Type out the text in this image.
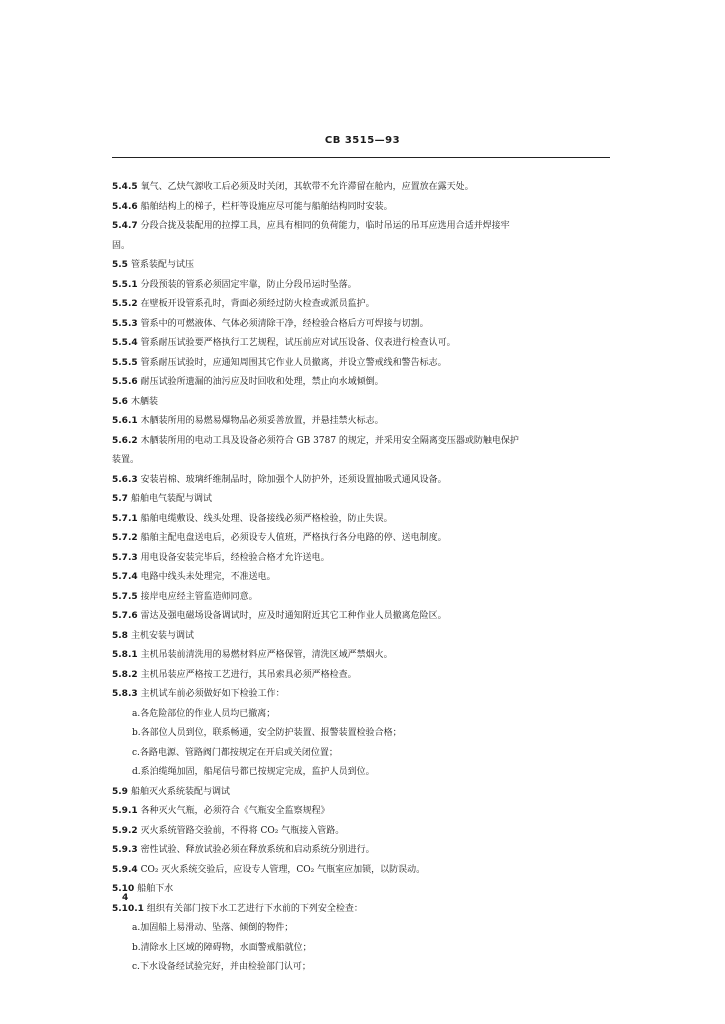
CB 3515—93
5.4.5 氧气、乙炔气源收工后必须及时关闭，其软带不允许滞留在舱内，应置放在露天处。
5.4.6 船舶结构上的梯子，栏杆等设施应尽可能与船舶结构同时安装。
5.4.7 分段合拢及装配用的拉撑工具，应具有相同的负荷能力，临时吊运的吊耳应选用合适并焊接牢
固。
5.5 管系装配与试压
5.5.1 分段预装的管系必须固定牢靠，防止分段吊运时坠落。
5.5.2 在壁板开设管系孔时，背面必须经过防火检查或派员监护。
5.5.3 管系中的可燃液体、气体必须清除干净，经检验合格后方可焊接与切割。
5.5.4 管系耐压试验要严格执行工艺规程，试压前应对试压设备、仪表进行检查认可。
5.5.5 管系耐压试验时，应通知周围其它作业人员撤离，并设立警戒线和警告标志。
5.5.6 耐压试验所遗漏的油污应及时回收和处理，禁止向水域倾倒。
5.6 木舾装
5.6.1 木舾装所用的易燃易爆物品必须妥善放置，并悬挂禁火标志。
5.6.2 木舾装所用的电动工具及设备必须符合 GB 3787 的规定，并采用安全隔离变压器或防触电保护
装置。
5.6.3 安装岩棉、玻璃纤维制品时，除加强个人防护外，还须设置抽吸式通风设备。
5.7 船舶电气装配与调试
5.7.1 船舶电缆敷设、线头处理、设备接线必须严格检验，防止失误。
5.7.2 船舶主配电盘送电后，必须设专人值班，严格执行各分电路的停、送电制度。
5.7.3 用电设备安装完毕后，经检验合格才允许送电。
5.7.4 电路中线头未处理完，不准送电。
5.7.5 接岸电应经主管监造师同意。
5.7.6 雷达及强电磁场设备调试时，应及时通知附近其它工种作业人员撤离危险区。
5.8 主机安装与调试
5.8.1 主机吊装前清洗用的易燃材料应严格保管，清洗区域严禁烟火。
5.8.2 主机吊装应严格按工艺进行，其吊索具必须严格检查。
5.8.3 主机试车前必须做好如下检验工作：
a.各危险部位的作业人员均已撤离；
b.各部位人员到位，联系畅通，安全防护装置、报警装置检验合格；
c.各路电源、管路阀门都按规定在开启或关闭位置；
d.系泊缆绳加固，船尾信号都已按规定完成，监护人员到位。
5.9 船舶灭火系统装配与调试
5.9.1 各种灭火气瓶，必须符合《气瓶安全监察规程》
5.9.2 灭火系统管路交验前，不得将 CO₂ 气瓶接入管路。
5.9.3 密性试验、释放试验必须在释放系统和启动系统分别进行。
5.9.4 CO₂ 灭火系统交验后，应设专人管理，CO₂ 气瓶室应加锁，以防误动。
5.10 船舶下水
5.10.1 组织有关部门按下水工艺进行下水前的下列安全检查：
a.加固船上易滑动、坠落、倾倒的物件；
b.清除水上区域的障碍物，水面警戒船就位；
c.下水设备经试验完好，并由检验部门认可；
4
